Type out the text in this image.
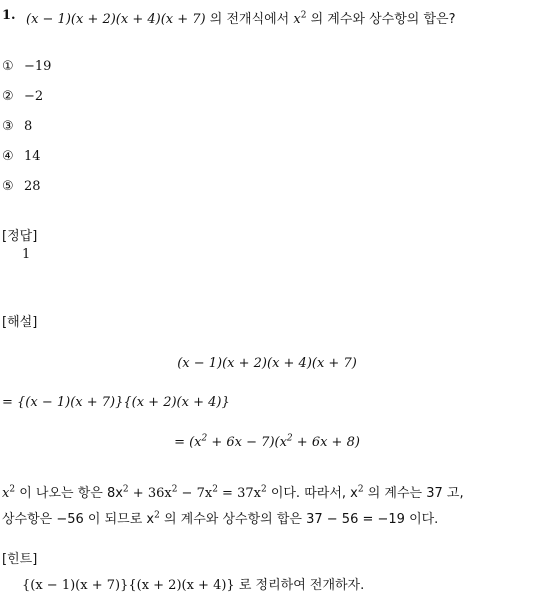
1. (x − 1)(x + 2)(x + 4)(x + 7) 의 전개식에서 $x^2$ 의 계수와 상수항의 합은?
① −19
② −2
③ 8
④ 14
⑤ 28
[정답]
1
[해설]
(x − 1)(x + 2)(x + 4)(x + 7)
= {(x − 1)(x + 7)}{(x + 2)(x + 4)}
= $(x^2 + 6x - 7)(x^2 + 6x + 8)$
$x^2$ 이 나오는 항은 $8x^2 + 36x^2 - 7x^2 = 37x^2$ 이다. 따라서, $x^2$ 의 계수는 37 고,
상수항은 −56 이 되므로 $x^2$ 의 계수와 상수항의 합은 37 − 56 = −19 이다.
[힌트]
{(x − 1)(x + 7)}{(x + 2)(x + 4)} 로 정리하여 전개하자.
